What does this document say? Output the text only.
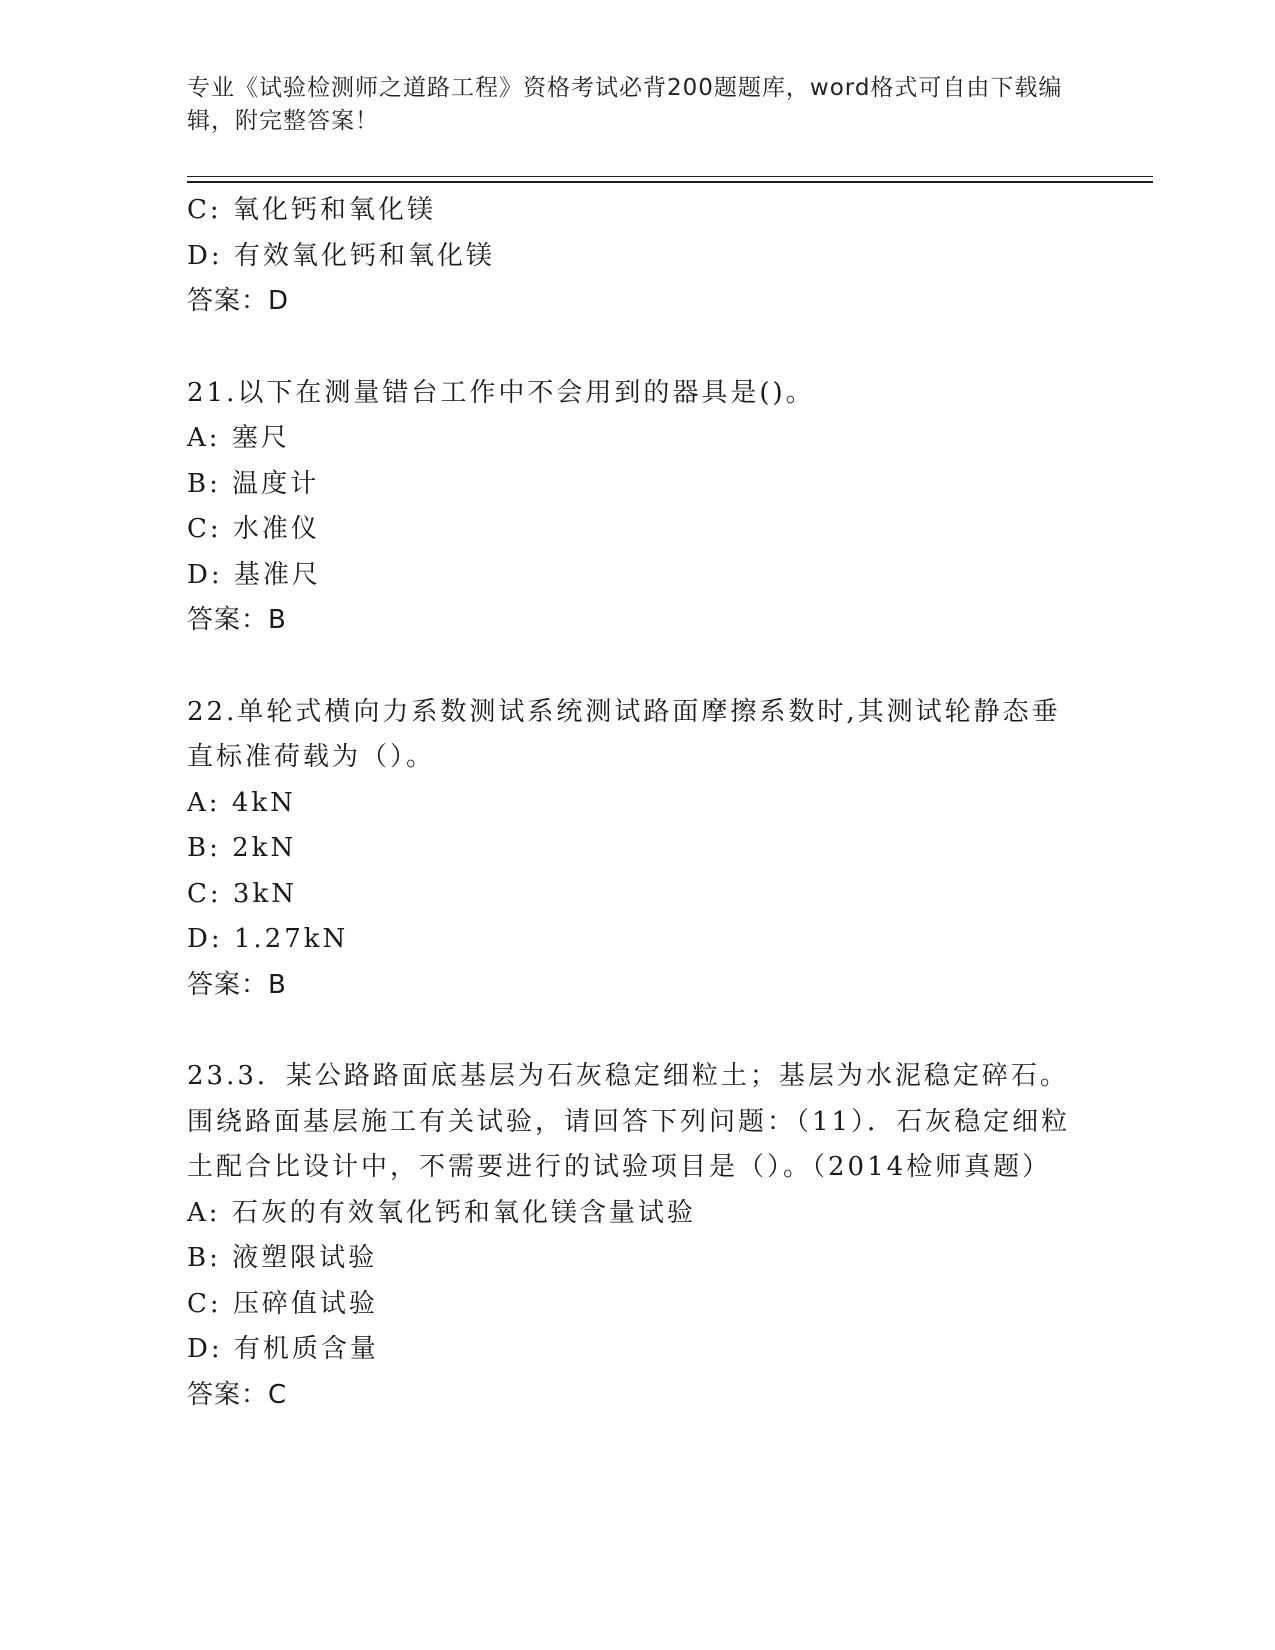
专业《试验检测师之道路工程》资格考试必背200题题库，word格式可自由下载编辑，附完整答案！
C: 氧化钙和氧化镁
D: 有效氧化钙和氧化镁
答案：D
21.以下在测量错台工作中不会用到的器具是()。
A: 塞尺
B: 温度计
C: 水准仪
D: 基准尺
答案：B
22.单轮式横向力系数测试系统测试路面摩擦系数时,其测试轮静态垂直标准荷载为（）。
A: 4kN
B: 2kN
C: 3kN
D: 1.27kN
答案：B
23.3．某公路路面底基层为石灰稳定细粒土；基层为水泥稳定碎石。围绕路面基层施工有关试验，请回答下列问题：（11）．石灰稳定细粒土配合比设计中，不需要进行的试验项目是（）。（2014检师真题）
A: 石灰的有效氧化钙和氧化镁含量试验
B: 液塑限试验
C: 压碎值试验
D: 有机质含量
答案：C
